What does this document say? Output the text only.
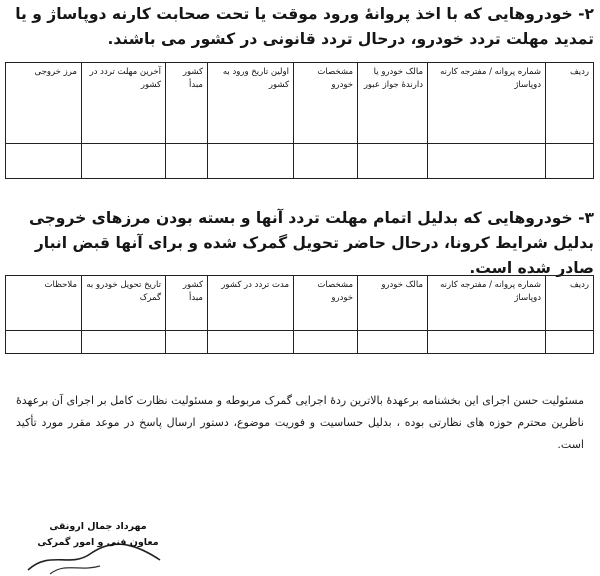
۲- خودروهایی که با اخذ پروانهٔ ورود موقت یا تحت صحابت کارنه دوپاساژ و یا تمدید مهلت تردد خودرو، درحال تردد قانونی در کشور می باشند.
ردیف	شماره پروانه / مفترجه کارنه دوپاساژ	مالک خودرو یا دارندهٔ جواز عبور	مشخصات خودرو	اولین تاریخ ورود به کشور	کشور مبدأ	آخرین مهلت تردد در کشور	مرز خروجی

۳- خودروهایی که بدلیل اتمام مهلت تردد آنها و بسته بودن مرزهای خروجی بدلیل شرایط کرونا، درحال حاضر تحویل گمرک شده و برای آنها قبض انبار صادر شده است.
ردیف	شماره پروانه / مفترجه کارنه دوپاساژ	مالک خودرو	مشخصات خودرو	مدت تردد در کشور	کشور مبدأ	تاریخ تحویل خودرو به گمرک	ملاحظات

مسئولیت حسن اجرای این بخشنامه برعهدهٔ بالاترین ردهٔ اجرایی گمرک مربوطه و مسئولیت نظارت کامل بر اجرای آن برعهدهٔ ناظرین محترم حوزه های نظارتی بوده ، بدلیل حساسیت و فوریت موضوع، دستور ارسال پاسخ در موعد مقرر مورد تأکید است.
مهرداد جمال ارونقی
معاون فنی و امور گمرکی
